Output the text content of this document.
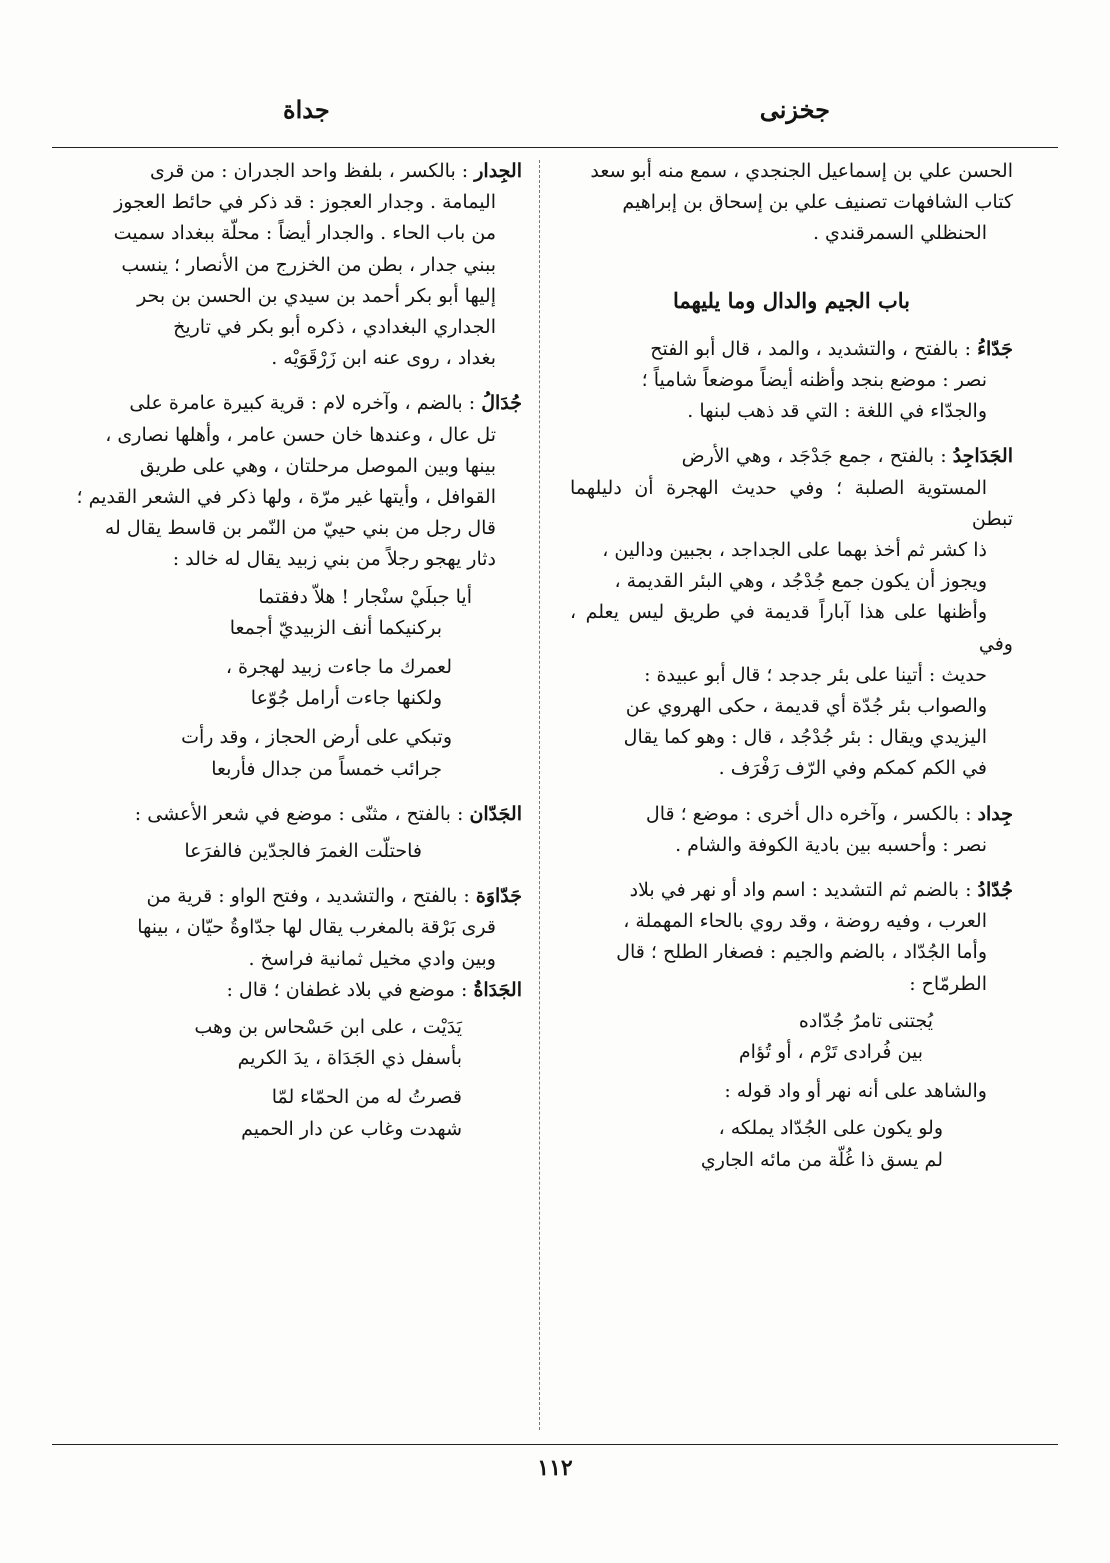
جخزنى
جداة

الحسن علي بن إسماعيل الجنجدي ، سمع منه أبو سعد
كتاب الشافهات تصنيف علي بن إسحاق بن إبراهيم
الحنظلي السمرقندي .

باب الجيم والدال وما يليهما

جَدّاءُ : بالفتح ، والتشديد ، والمد ، قال أبو الفتح
نصر : موضع بنجد وأظنه أيضاً موضعاً شامياً ؛
والجدّاء في اللغة : التي قد ذهب لبنها .

الجَدَاجِدُ : بالفتح ، جمع جَدْجَد ، وهي الأرض
المستوية الصلبة ؛ وفي حديث الهجرة أن دليلهما تبطن
ذا كشر ثم أخذ بهما على الجداجد ، بجبين ودالين ،
ويجوز أن يكون جمع جُدْجُد ، وهي البئر القديمة ،
وأظنها على هذا آباراً قديمة في طريق ليس يعلم ، وفي
حديث : أتينا على بئر جدجد ؛ قال أبو عبيدة :
والصواب بئر جُدّة أي قديمة ، حكى الهروي عن
اليزيدي ويقال : بئر جُدْجُد ، قال : وهو كما يقال
في الكم كمكم وفي الرّف رَفْرَف .

جِداد : بالكسر ، وآخره دال أخرى : موضع ؛ قال
نصر : وأحسبه بين بادية الكوفة والشام .

جُدّادُ : بالضم ثم التشديد : اسم واد أو نهر في بلاد
العرب ، وفيه روضة ، وقد روي بالحاء المهملة ،
وأما الجُدّاد ، بالضم والجيم : فصغار الطلح ؛ قال
الطرمّاح :

يُجتنى تامرُ جُدّاده
بين فُرادى تَرْم ، أو تُؤام

والشاهد على أنه نهر أو واد قوله :

ولو يكون على الجُدّاد يملكه ،
لم يسق ذا غُلّة من مائه الجاري

الجِدار : بالكسر ، بلفظ واحد الجدران : من قرى
اليمامة . وجدار العجوز : قد ذكر في حائط العجوز
من باب الحاء . والجدار أيضاً : محلّة ببغداد سميت
ببني جدار ، بطن من الخزرج من الأنصار ؛ ينسب
إليها أبو بكر أحمد بن سيدي بن الحسن بن بحر
الجداري البغدادي ، ذكره أبو بكر في تاريخ
بغداد ، روى عنه ابن زَرْقَوَيْه .

جُدَالُ : بالضم ، وآخره لام : قرية كبيرة عامرة على
تل عال ، وعندها خان حسن عامر ، وأهلها نصارى ،
بينها وبين الموصل مرحلتان ، وهي على طريق
القوافل ، وأيتها غير مرّة ، ولها ذكر في الشعر القديم ؛
قال رجل من بني حييّ من النّمر بن قاسط يقال له
دثار يهجو رجلاً من بني زبيد يقال له خالد :

أيا جبلَيْ سنْجار ! هلاّ دفقتما
بركنيكما أنف الزبيديّ أجمعا
لعمرك ما جاءت زبيد لهجرة ،
ولكنها جاءت أرامل جُوّعا
وتبكي على أرض الحجاز ، وقد رأت
جرائب خمساً من جدال فأربعا

الجَدّان : بالفتح ، مثنّى : موضع في شعر الأعشى :

فاحتلّت الغمرَ فالجدّين فالفرَعا

جَدّاوَة : بالفتح ، والتشديد ، وفتح الواو : قرية من
قرى بَرْقة بالمغرب يقال لها جدّاوةُ حيّان ، بينها
وبين وادي مخيل ثمانية فراسخ .

الجَدَاةُ : موضع في بلاد غطفان ؛ قال :

يَدَيْت ، على ابن حَسْحاس بن وهب
بأسفل ذي الجَدَاة ، يدَ الكريم
قصرتُ له من الحمّاء لمّا
شهدت وغاب عن دار الحميم
١١٢
